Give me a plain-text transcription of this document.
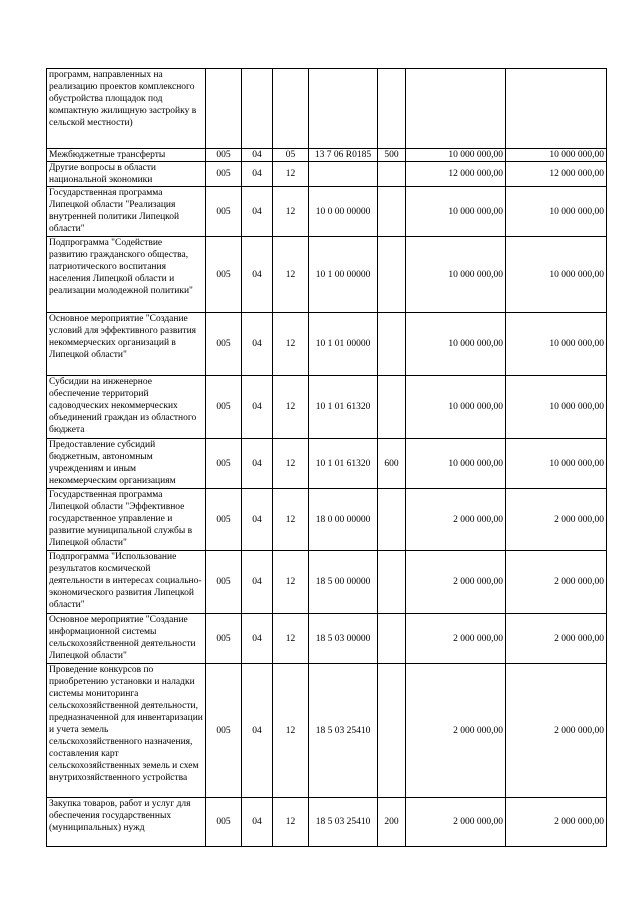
программ, направленных на реализацию проектов комплексного обустройства площадок под компактную жилищную застройку в сельской местности)							
Межбюджетные трансферты	005	04	05	13 7 06 R0185	500	10 000 000,00	10 000 000,00
Другие вопросы в области национальной экономики	005	04	12			12 000 000,00	12 000 000,00
Государственная программа Липецкой области "Реализация внутренней политики Липецкой области"	005	04	12	10 0 00 00000		10 000 000,00	10 000 000,00
Подпрограмма "Содействие развитию гражданского общества, патриотического воспитания населения Липецкой области и реализации молодежной политики"	005	04	12	10 1 00 00000		10 000 000,00	10 000 000,00
Основное мероприятие "Создание условий для эффективного развития некоммерческих организаций в Липецкой области"	005	04	12	10 1 01 00000		10 000 000,00	10 000 000,00
Субсидии на инженерное обеспечение территорий садоводческих некоммерческих объединений граждан из областного бюджета	005	04	12	10 1 01 61320		10 000 000,00	10 000 000,00
Предоставление субсидий бюджетным, автономным учреждениям и иным некоммерческим организациям	005	04	12	10 1 01 61320	600	10 000 000,00	10 000 000,00
Государственная программа Липецкой области "Эффективное государственное управление и развитие муниципальной службы в Липецкой области"	005	04	12	18 0 00 00000		2 000 000,00	2 000 000,00
Подпрограмма "Использование результатов космической деятельности в интересах социально-экономического развития Липецкой области"	005	04	12	18 5 00 00000		2 000 000,00	2 000 000,00
Основное мероприятие "Создание информационной системы сельскохозяйственной деятельности Липецкой области"	005	04	12	18 5 03 00000		2 000 000,00	2 000 000,00
Проведение конкурсов по приобретению установки и наладки системы мониторинга сельскохозяйственной деятельности, предназначенной для инвентаризации и учета земель сельскохозяйственного назначения, составления карт сельскохозяйственных земель и схем внутрихозяйственного устройства	005	04	12	18 5 03 25410		2 000 000,00	2 000 000,00
Закупка товаров, работ и услуг для обеспечения государственных (муниципальных) нужд	005	04	12	18 5 03 25410	200	2 000 000,00	2 000 000,00
